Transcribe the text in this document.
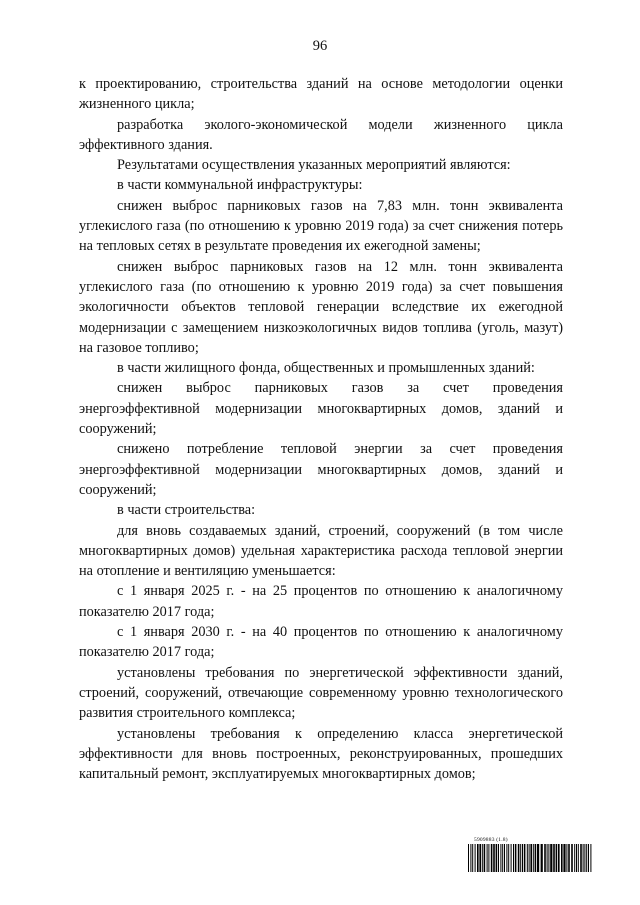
96

к проектированию, строительства зданий на основе методологии оценки жизненного цикла;

разработка эколого-экономической модели жизненного цикла эффективного здания.

Результатами осуществления указанных мероприятий являются:

в части коммунальной инфраструктуры:

снижен выброс парниковых газов на 7,83 млн. тонн эквивалента углекислого газа (по отношению к уровню 2019 года) за счет снижения потерь на тепловых сетях в результате проведения их ежегодной замены;

снижен выброс парниковых газов на 12 млн. тонн эквивалента углекислого газа (по отношению к уровню 2019 года) за счет повышения экологичности объектов тепловой генерации вследствие их ежегодной модернизации с замещением низкоэкологичных видов топлива (уголь, мазут) на газовое топливо;

в части жилищного фонда, общественных и промышленных зданий:

снижен выброс парниковых газов за счет проведения энергоэффективной модернизации многоквартирных домов, зданий и сооружений;

снижено потребление тепловой энергии за счет проведения энергоэффективной модернизации многоквартирных домов, зданий и сооружений;

в части строительства:

для вновь создаваемых зданий, строений, сооружений (в том числе многоквартирных домов) удельная характеристика расхода тепловой энергии на отопление и вентиляцию уменьшается:

с 1 января 2025 г. - на 25 процентов по отношению к аналогичному показателю 2017 года;

с 1 января 2030 г. - на 40 процентов по отношению к аналогичному показателю 2017 года;

установлены требования по энергетической эффективности зданий, строений, сооружений, отвечающие современному уровню технологического развития строительного комплекса;

установлены требования к определению класса энергетической эффективности для вновь построенных, реконструированных, прошедших капитальный ремонт, эксплуатируемых многоквартирных домов;

5909883 (1.8)
